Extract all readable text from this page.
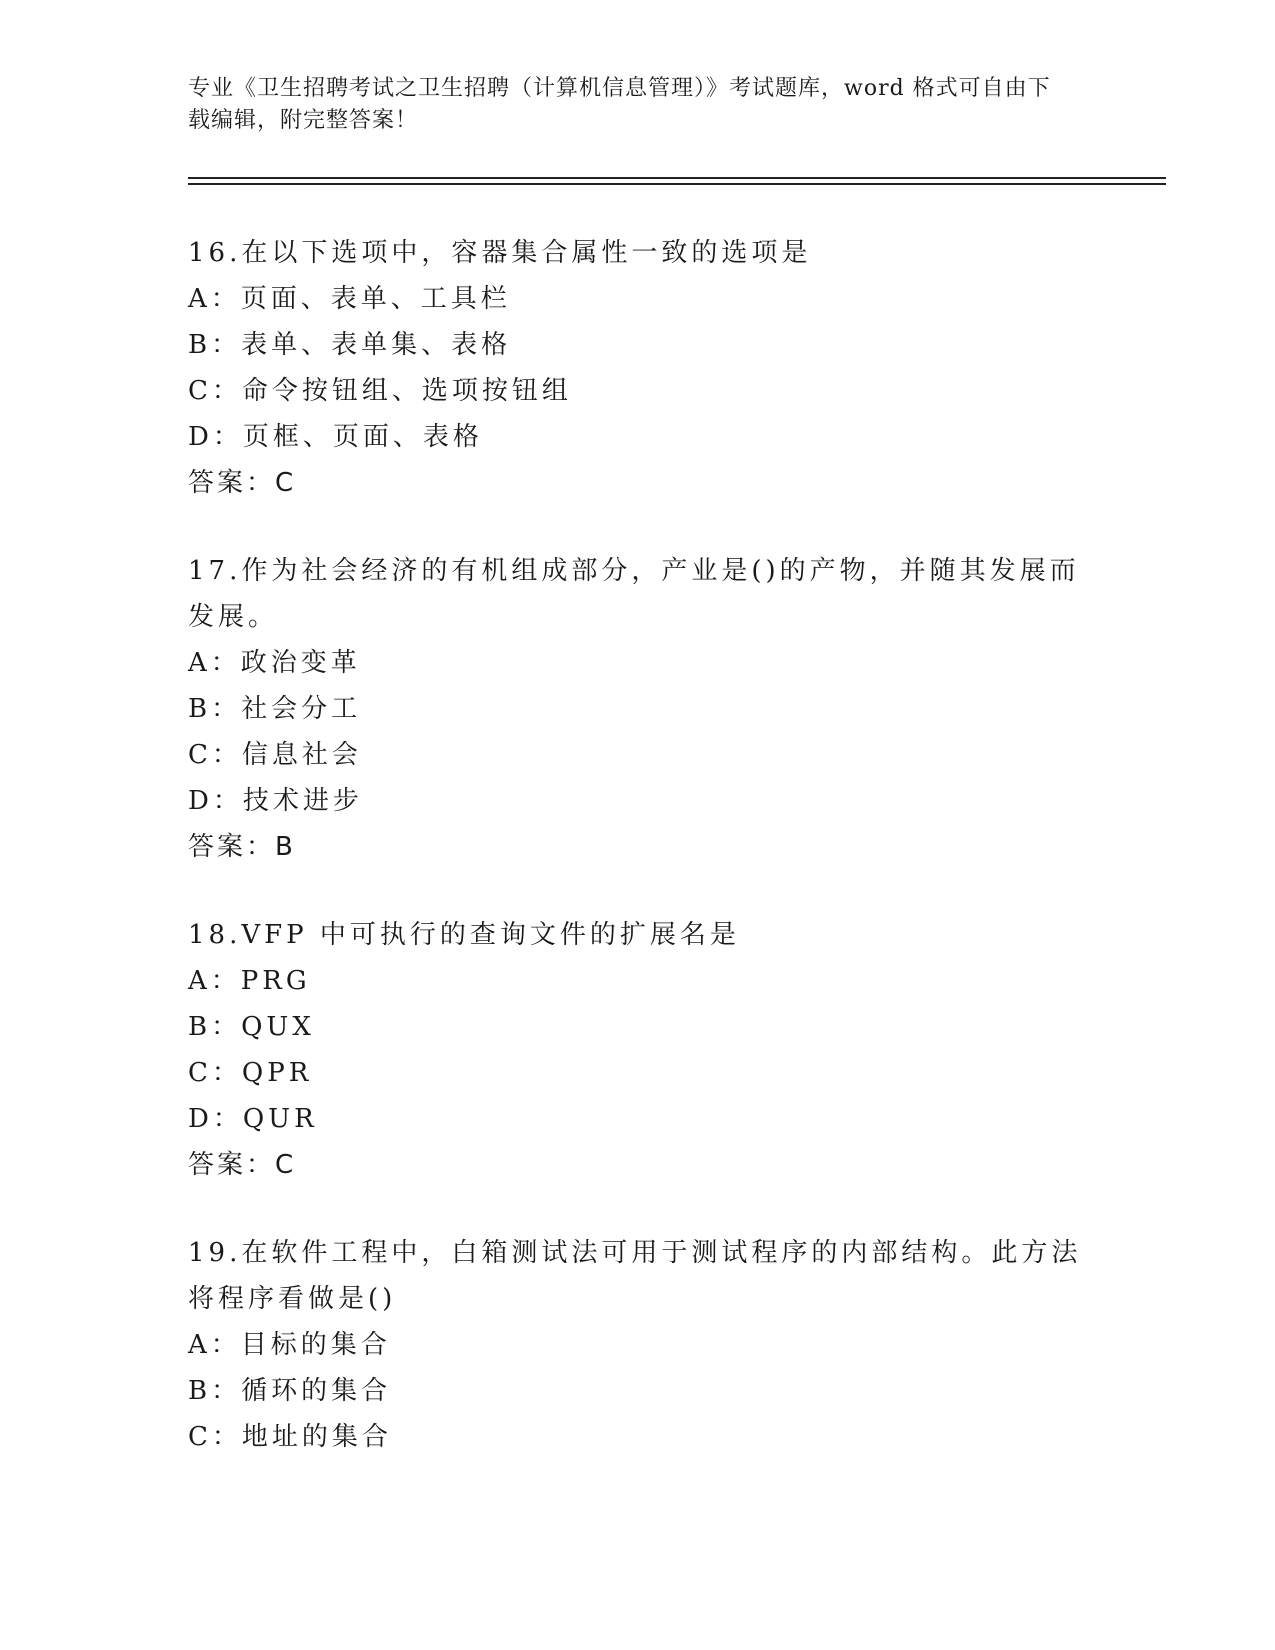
专业《卫生招聘考试之卫生招聘（计算机信息管理）》考试题库，word 格式可自由下载编辑，附完整答案！
16.在以下选项中，容器集合属性一致的选项是
A：页面、表单、工具栏
B：表单、表单集、表格
C：命令按钮组、选项按钮组
D：页框、页面、表格
答案：C
17.作为社会经济的有机组成部分，产业是()的产物，并随其发展而发展。
A：政治变革
B：社会分工
C：信息社会
D：技术进步
答案：B
18.VFP 中可执行的查询文件的扩展名是
A：PRG
B：QUX
C：QPR
D：QUR
答案：C
19.在软件工程中，白箱测试法可用于测试程序的内部结构。此方法将程序看做是()
A：目标的集合
B：循环的集合
C：地址的集合
